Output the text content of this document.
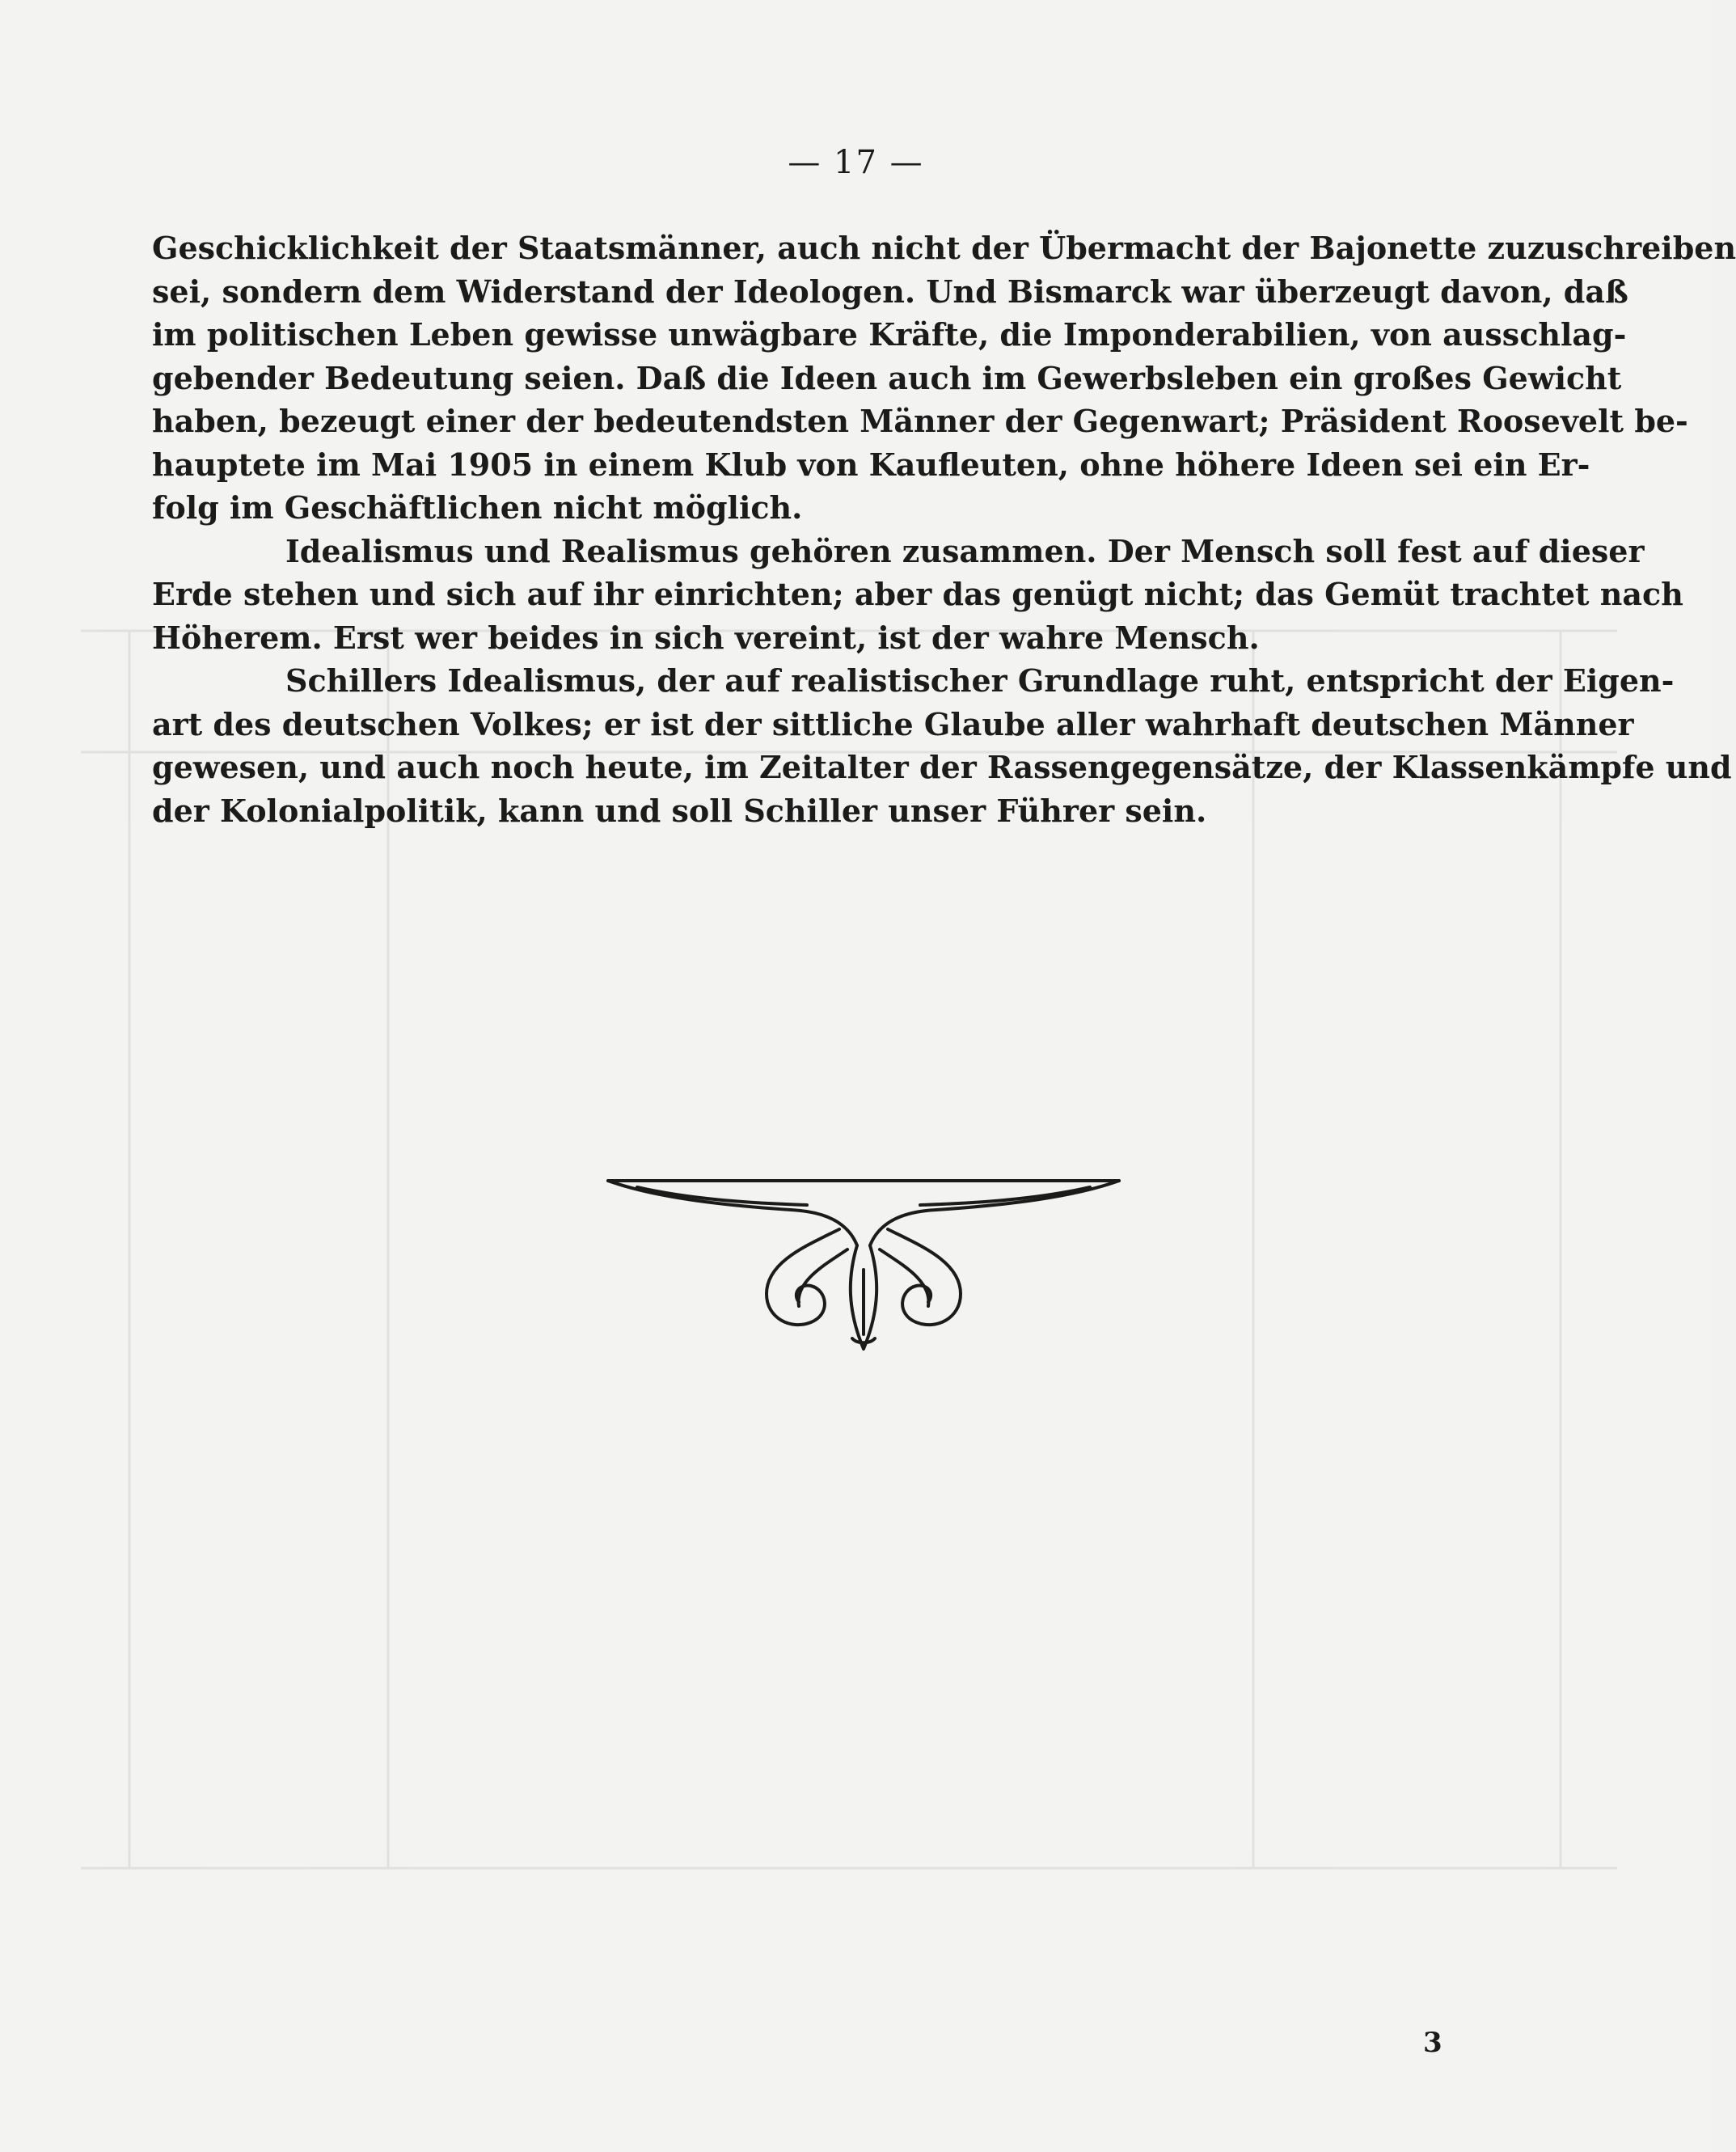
— 17 —
Geschicklichkeit der Staatsmänner, auch nicht der Übermacht der Bajonette zuzuschreiben
sei, sondern dem Widerstand der Ideologen. Und Bismarck war überzeugt davon, daß
im politischen Leben gewisse unwägbare Kräfte, die Imponderabilien, von ausschlag-
gebender Bedeutung seien. Daß die Ideen auch im Gewerbsleben ein großes Gewicht
haben, bezeugt einer der bedeutendsten Männer der Gegenwart; Präsident Roosevelt be-
hauptete im Mai 1905 in einem Klub von Kaufleuten, ohne höhere Ideen sei ein Er-
folg im Geschäftlichen nicht möglich.
Idealismus und Realismus gehören zusammen. Der Mensch soll fest auf dieser
Erde stehen und sich auf ihr einrichten; aber das genügt nicht; das Gemüt trachtet nach
Höherem. Erst wer beides in sich vereint, ist der wahre Mensch.
Schillers Idealismus, der auf realistischer Grundlage ruht, entspricht der Eigen-
art des deutschen Volkes; er ist der sittliche Glaube aller wahrhaft deutschen Männer
gewesen, und auch noch heute, im Zeitalter der Rassengegensätze, der Klassenkämpfe und
der Kolonialpolitik, kann und soll Schiller unser Führer sein.
3
